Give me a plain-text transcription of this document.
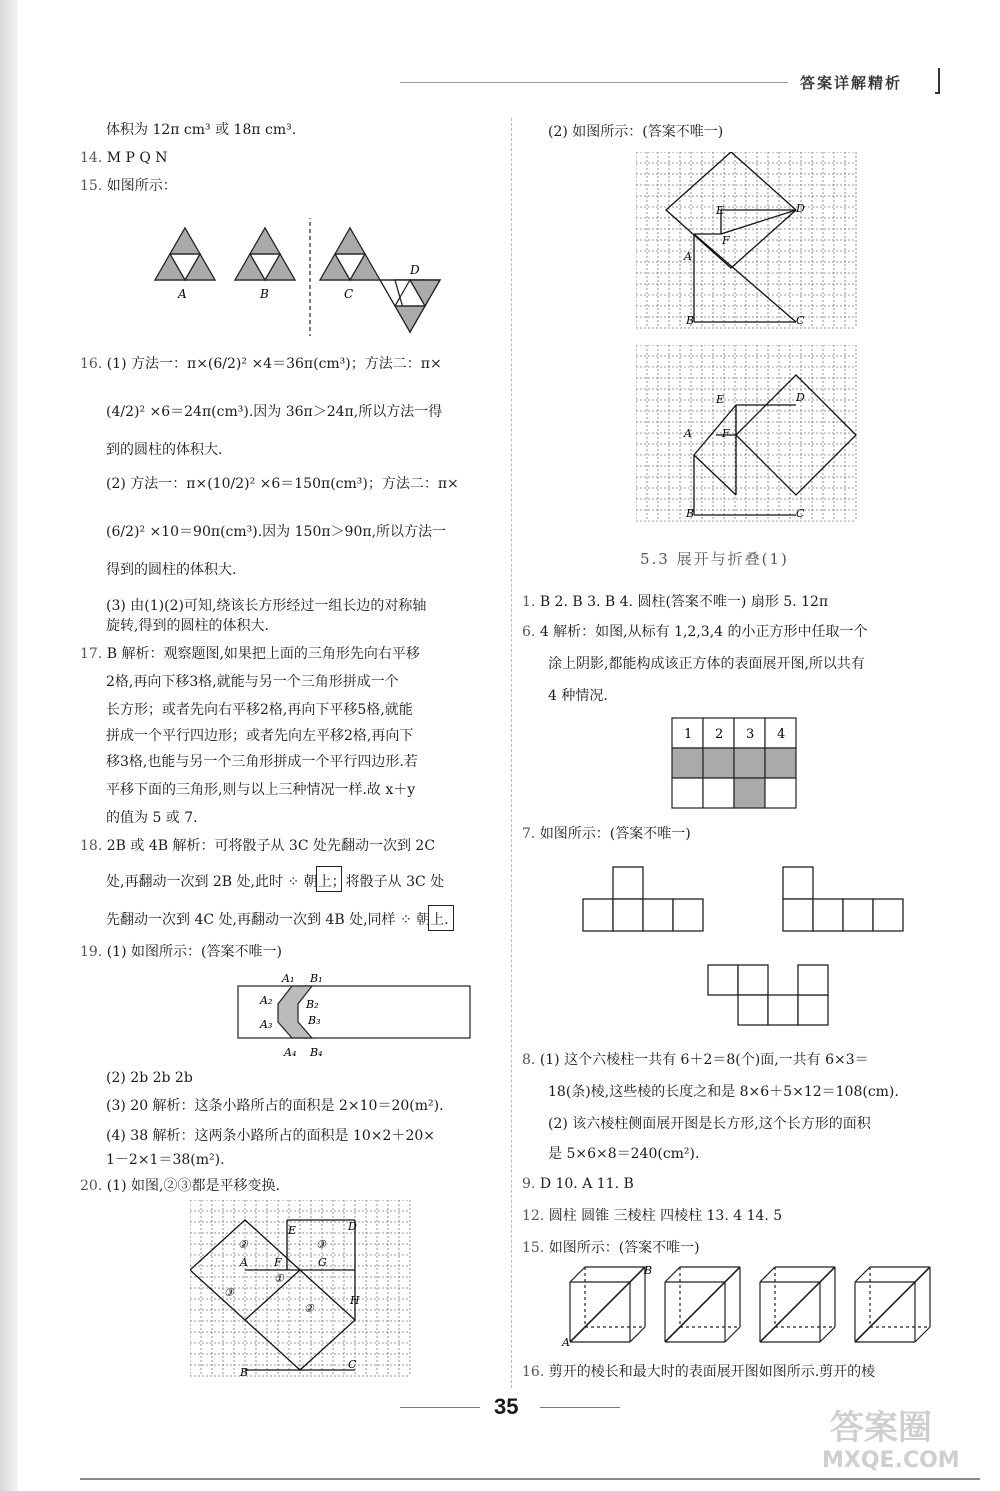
答案详解精析
体积为 12π cm³ 或 18π cm³.
14. M P Q N
15. 如图所示：
16. (1) 方法一：π×(6/2)² ×4＝36π(cm³)；方法二：π×
(4/2)² ×6＝24π(cm³).因为 36π＞24π,所以方法一得
到的圆柱的体积大.
(2) 方法一：π×(10/2)² ×6＝150π(cm³)；方法二：π×
(6/2)² ×10＝90π(cm³).因为 150π＞90π,所以方法一
得到的圆柱的体积大.
(3) 由(1)(2)可知,绕该长方形经过一组长边的对称轴
旋转,得到的圆柱的体积大.
17. B 解析：观察题图,如果把上面的三角形先向右平移
2格,再向下移3格,就能与另一个三角形拼成一个
长方形；或者先向右平移2格,再向下平移5格,就能
拼成一个平行四边形；或者先向左平移2格,再向下
移3格,也能与另一个三角形拼成一个平行四边形.若
平移下面的三角形,则与以上三种情况一样.故 x＋y
的值为 5 或 7.
18. 2B 或 4B 解析：可将骰子从 3C 处先翻动一次到 2C
处,再翻动一次到 2B 处,此时 ⁘ 朝上；将骰子从 3C 处
先翻动一次到 4C 处,再翻动一次到 4B 处,同样 ⁘ 朝上.
19. (1) 如图所示：(答案不唯一)
(2) 2b 2b 2b
(3) 20 解析：这条小路所占的面积是 2×10＝20(m²).
(4) 38 解析：这两条小路所占的面积是 10×2＋20×
1－2×1＝38(m²).
20. (1) 如图,②③都是平移变换.
(2) 如图所示：(答案不唯一)
1. B 2. B 3. B 4. 圆柱(答案不唯一) 扇形 5. 12π
6. 4 解析：如图,从标有 1,2,3,4 的小正方形中任取一个
涂上阴影,都能构成该正方体的表面展开图,所以共有
4 种情况.
7. 如图所示：(答案不唯一)
8. (1) 这个六棱柱一共有 6＋2＝8(个)面,一共有 6×3＝
18(条)棱,这些棱的长度之和是 8×6＋5×12＝108(cm).
(2) 该六棱柱侧面展开图是长方形,这个长方形的面积
是 5×6×8＝240(cm²).
9. D 10. A 11. B
12. 圆柱 圆锥 三棱柱 四棱柱 13. 4 14. 5
15. 如图所示：(答案不唯一)
16. 剪开的棱长和最大时的表面展开图如图所示.剪开的棱
5.3 展开与折叠(1)
A	B	C
D
A₁ B₁
A₂	B₂
B₃
A₃
A₄ B₄
D
E
②	③
G
A F
①
③
②
H
B
C
E	D
F
A
B	C
E	D
A	F
B	C
1 2 3 4
B
A
35
答案圈
MXQE.COM
